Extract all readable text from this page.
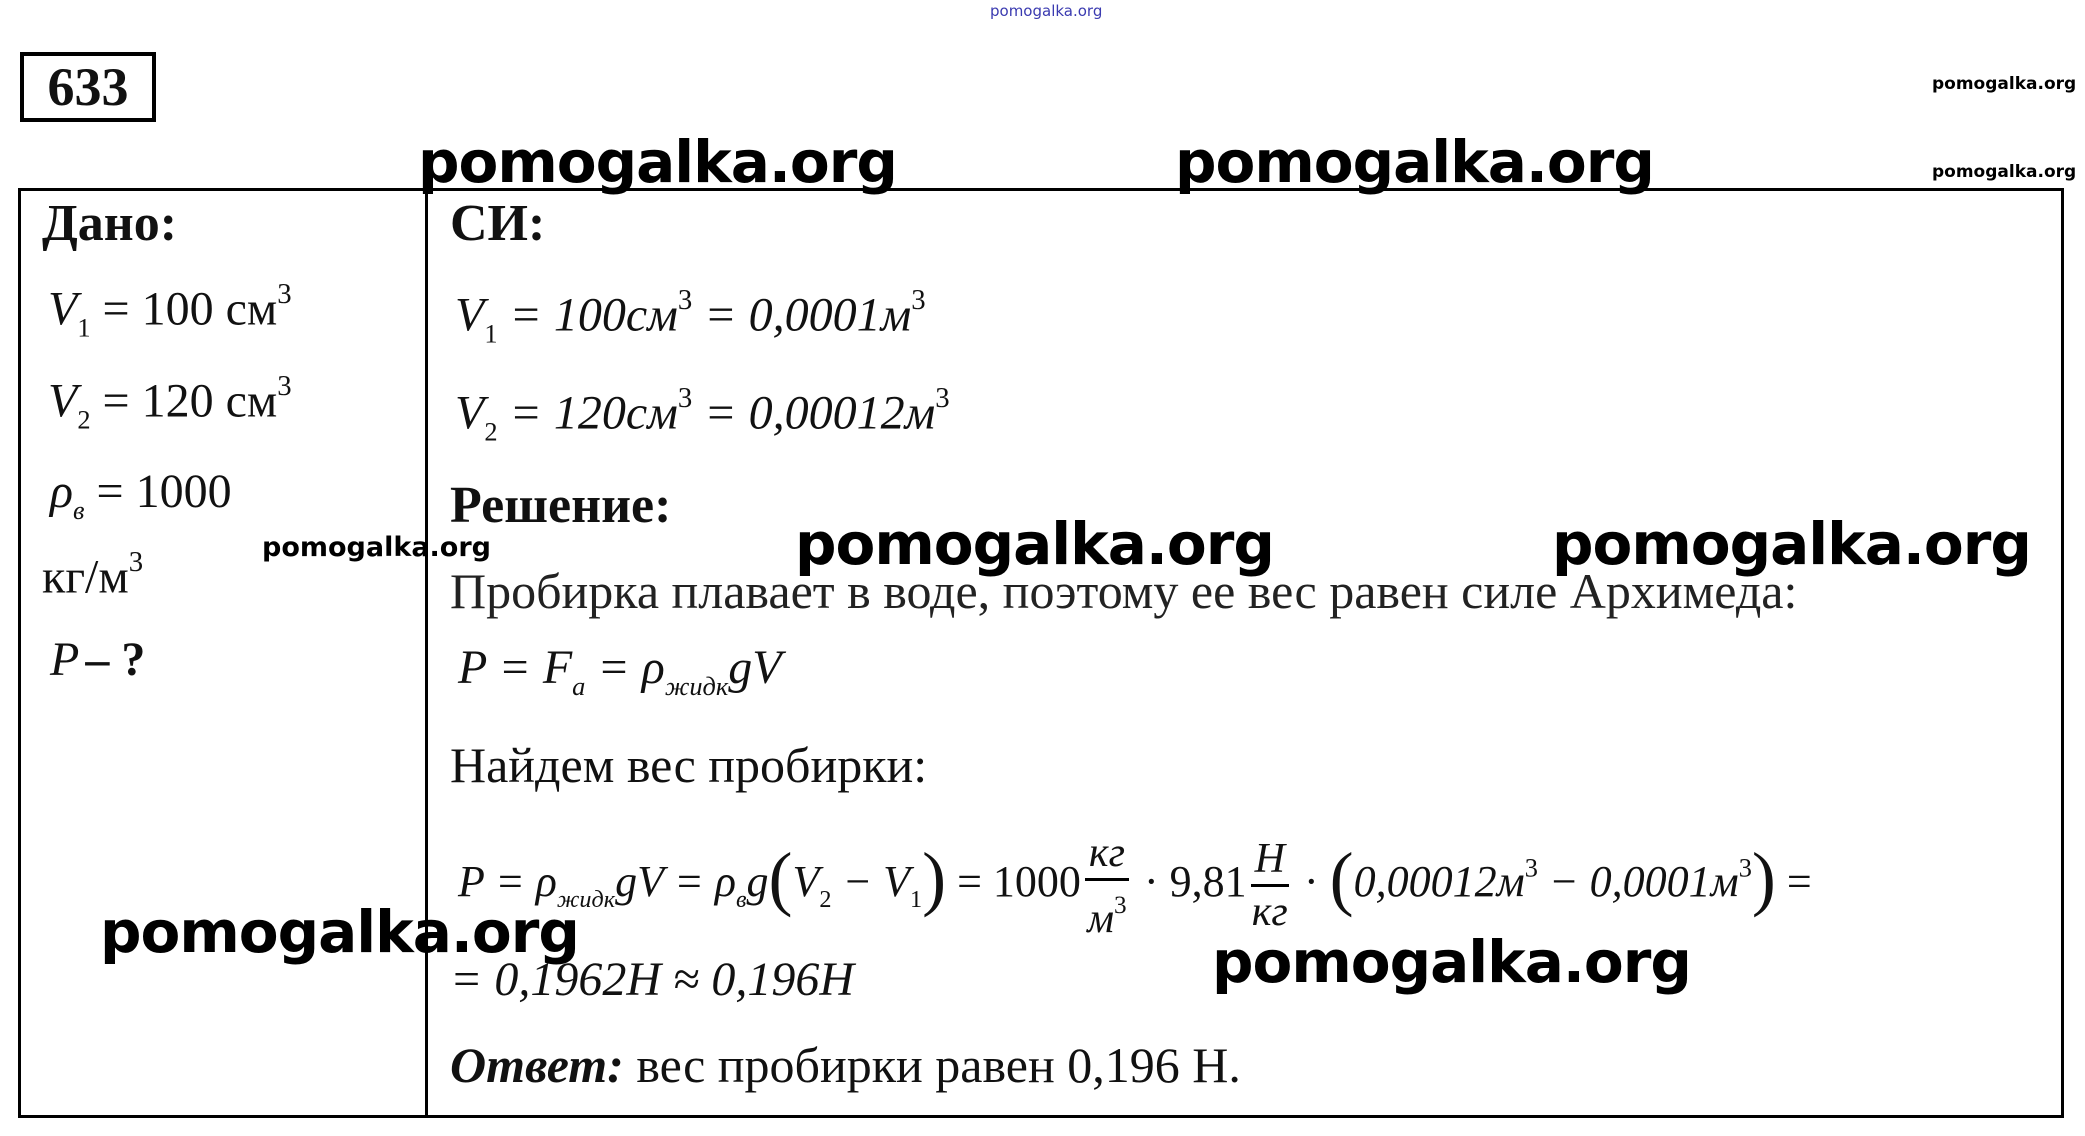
pomogalka.org
pomogalka.org
pomogalka.org
633
pomogalka.org	pomogalka.org
Дано:
$V_1 = 100$ $см^3$
$V_2 = 120$ $см^3$
$\rho_в = 1000$
$кг/м^3$	pomogalka.org
P – ?
СИ:
$V_1 = 100см^3 = 0,0001м^3$
$V_2 = 120см^3 = 0,00012м^3$
Решение:
pomogalka.org	pomogalka.org
Пробирка плавает в воде, поэтому ее вес равен силе Архимеда:
$P = F_а = \rho_{жидк}gV$
Найдем вес пробирки:
$P = \rho_{жидк}gV = \rho_вg(V_2 - V_1) = 1000 \frac{кг}{м^3} \cdot 9,81 \frac{Н}{кг} \cdot (0,00012м^3 - 0,0001м^3)$ =
pomogalka.org	pomogalka.org
= 0,1962Н ≈ 0,196Н
Ответ: вес пробирки равен 0,196 Н.
